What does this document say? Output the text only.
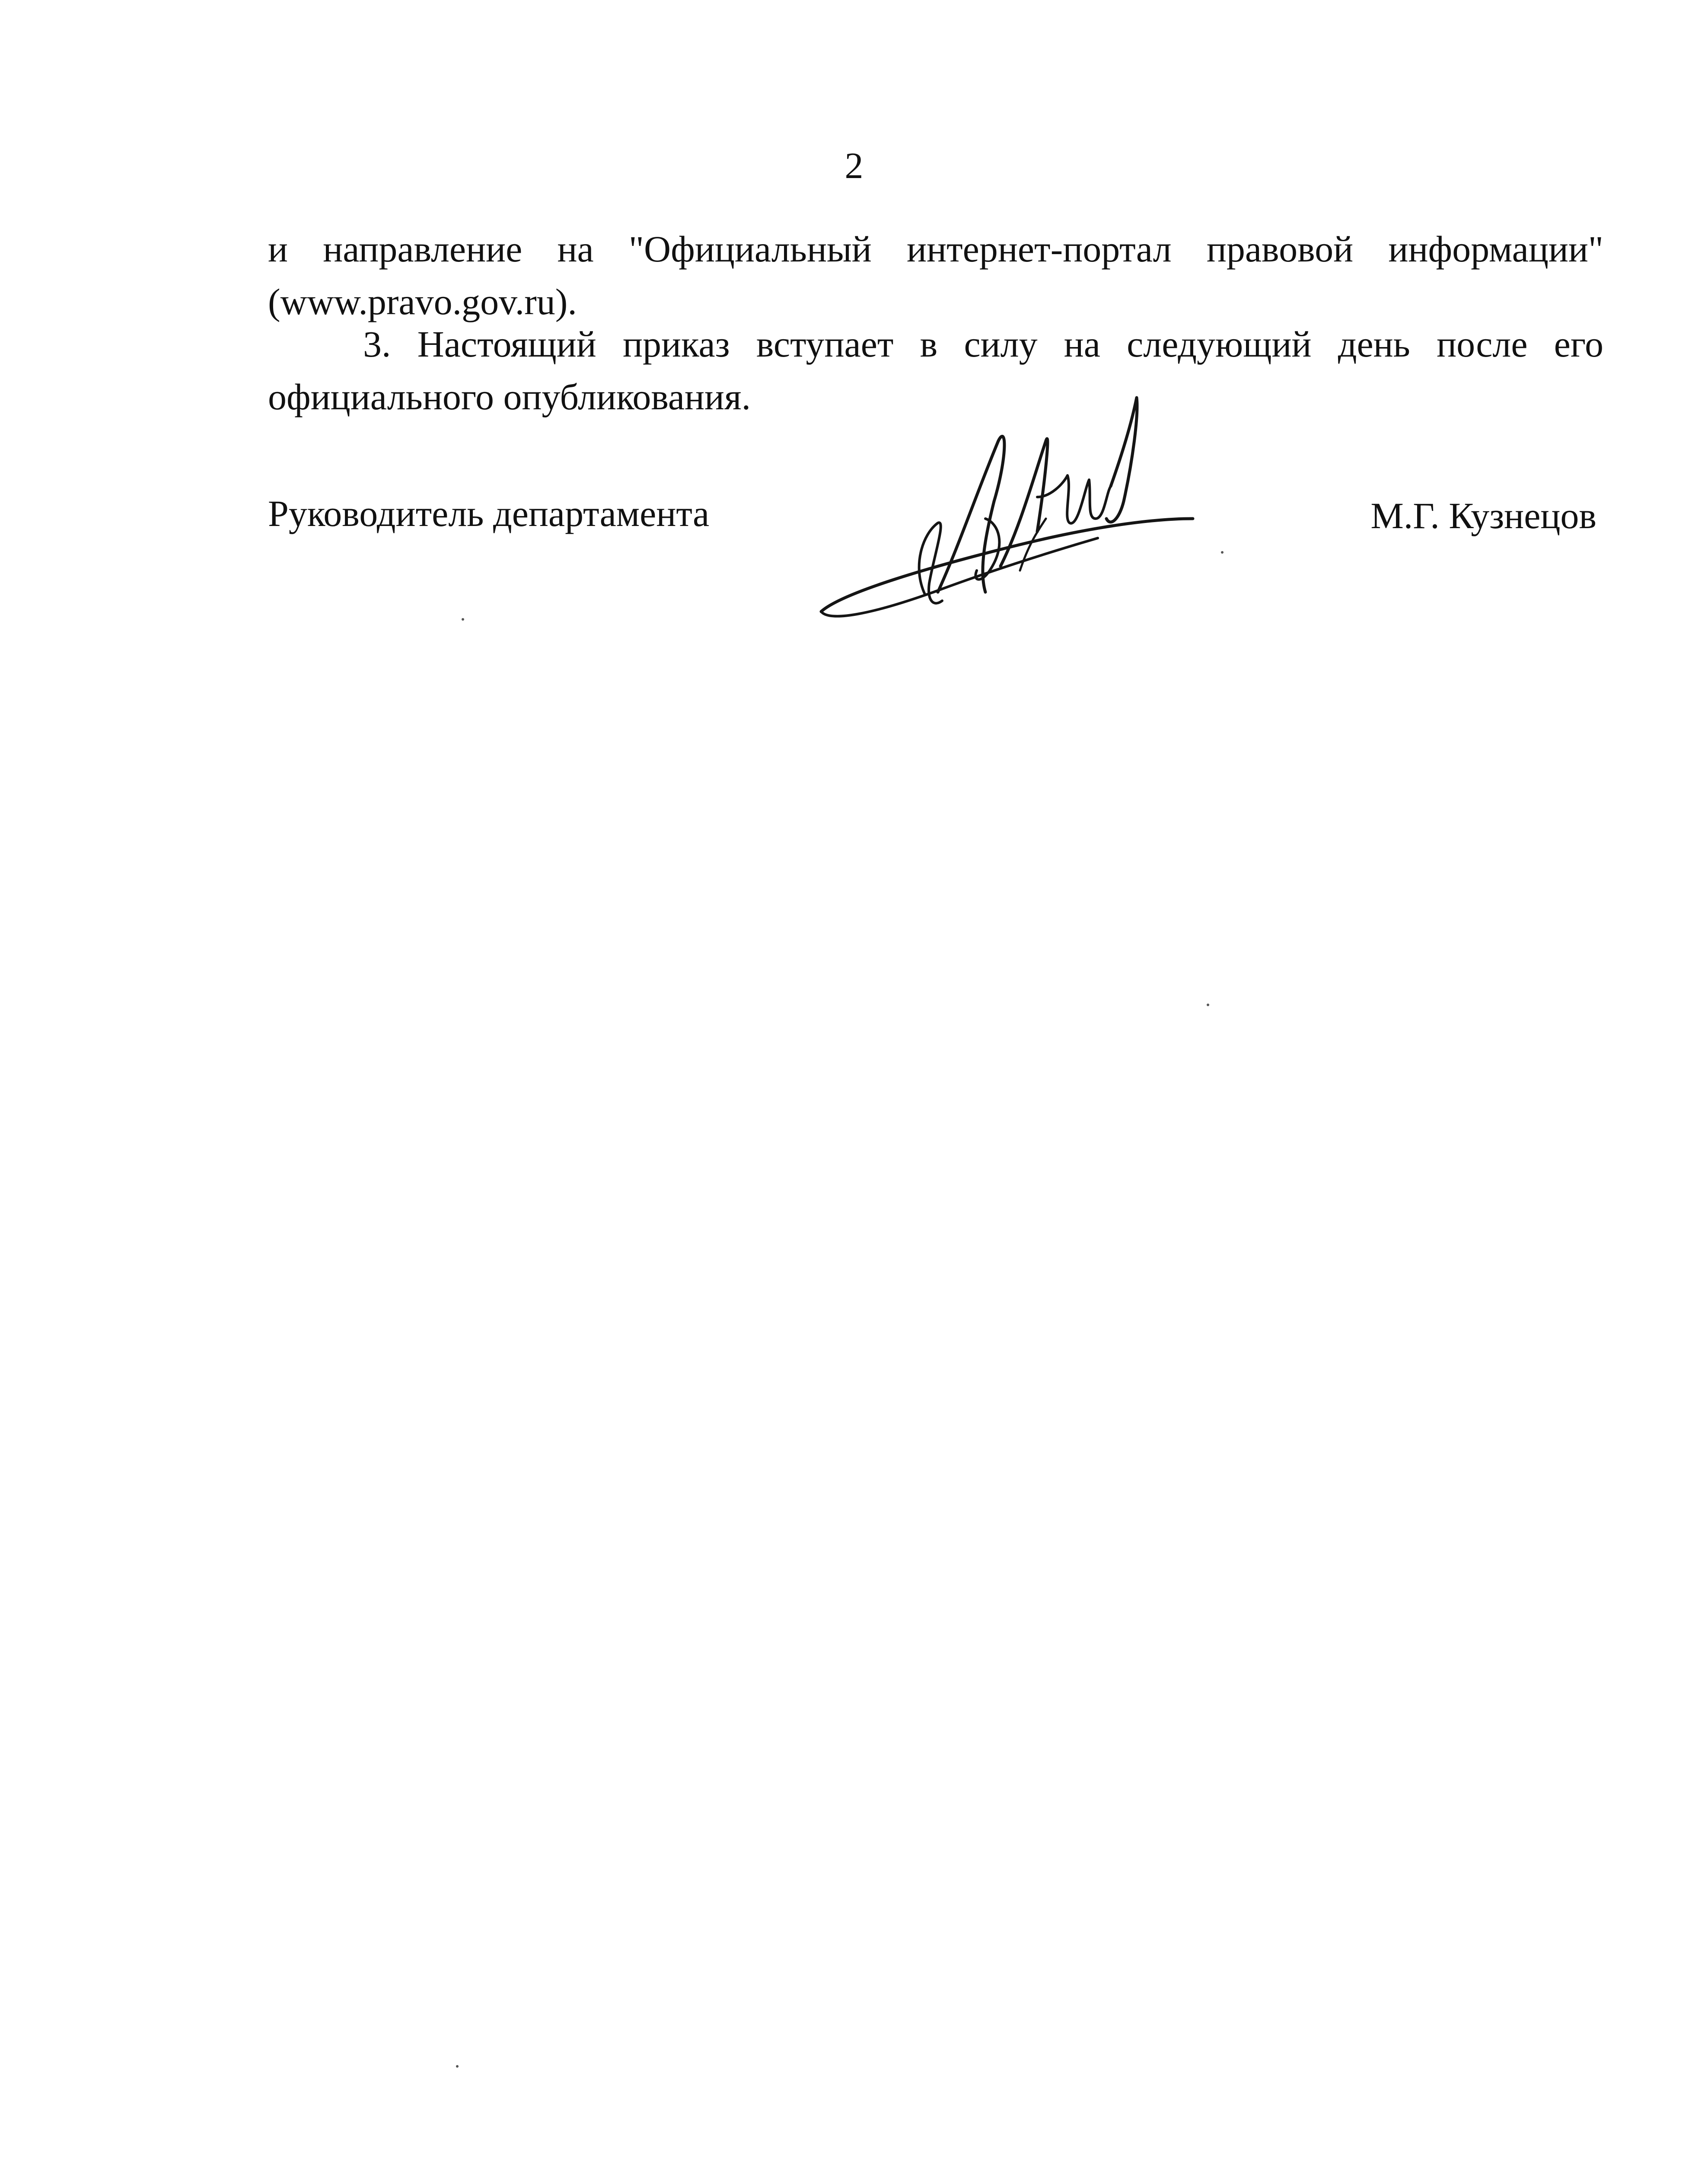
2

и направление на "Официальный интернет-портал правовой информации"
(www.pravo.gov.ru).

3. Настоящий приказ вступает в силу на следующий день после его
официального опубликования.

Руководитель департамента	М.Г. Кузнецов
